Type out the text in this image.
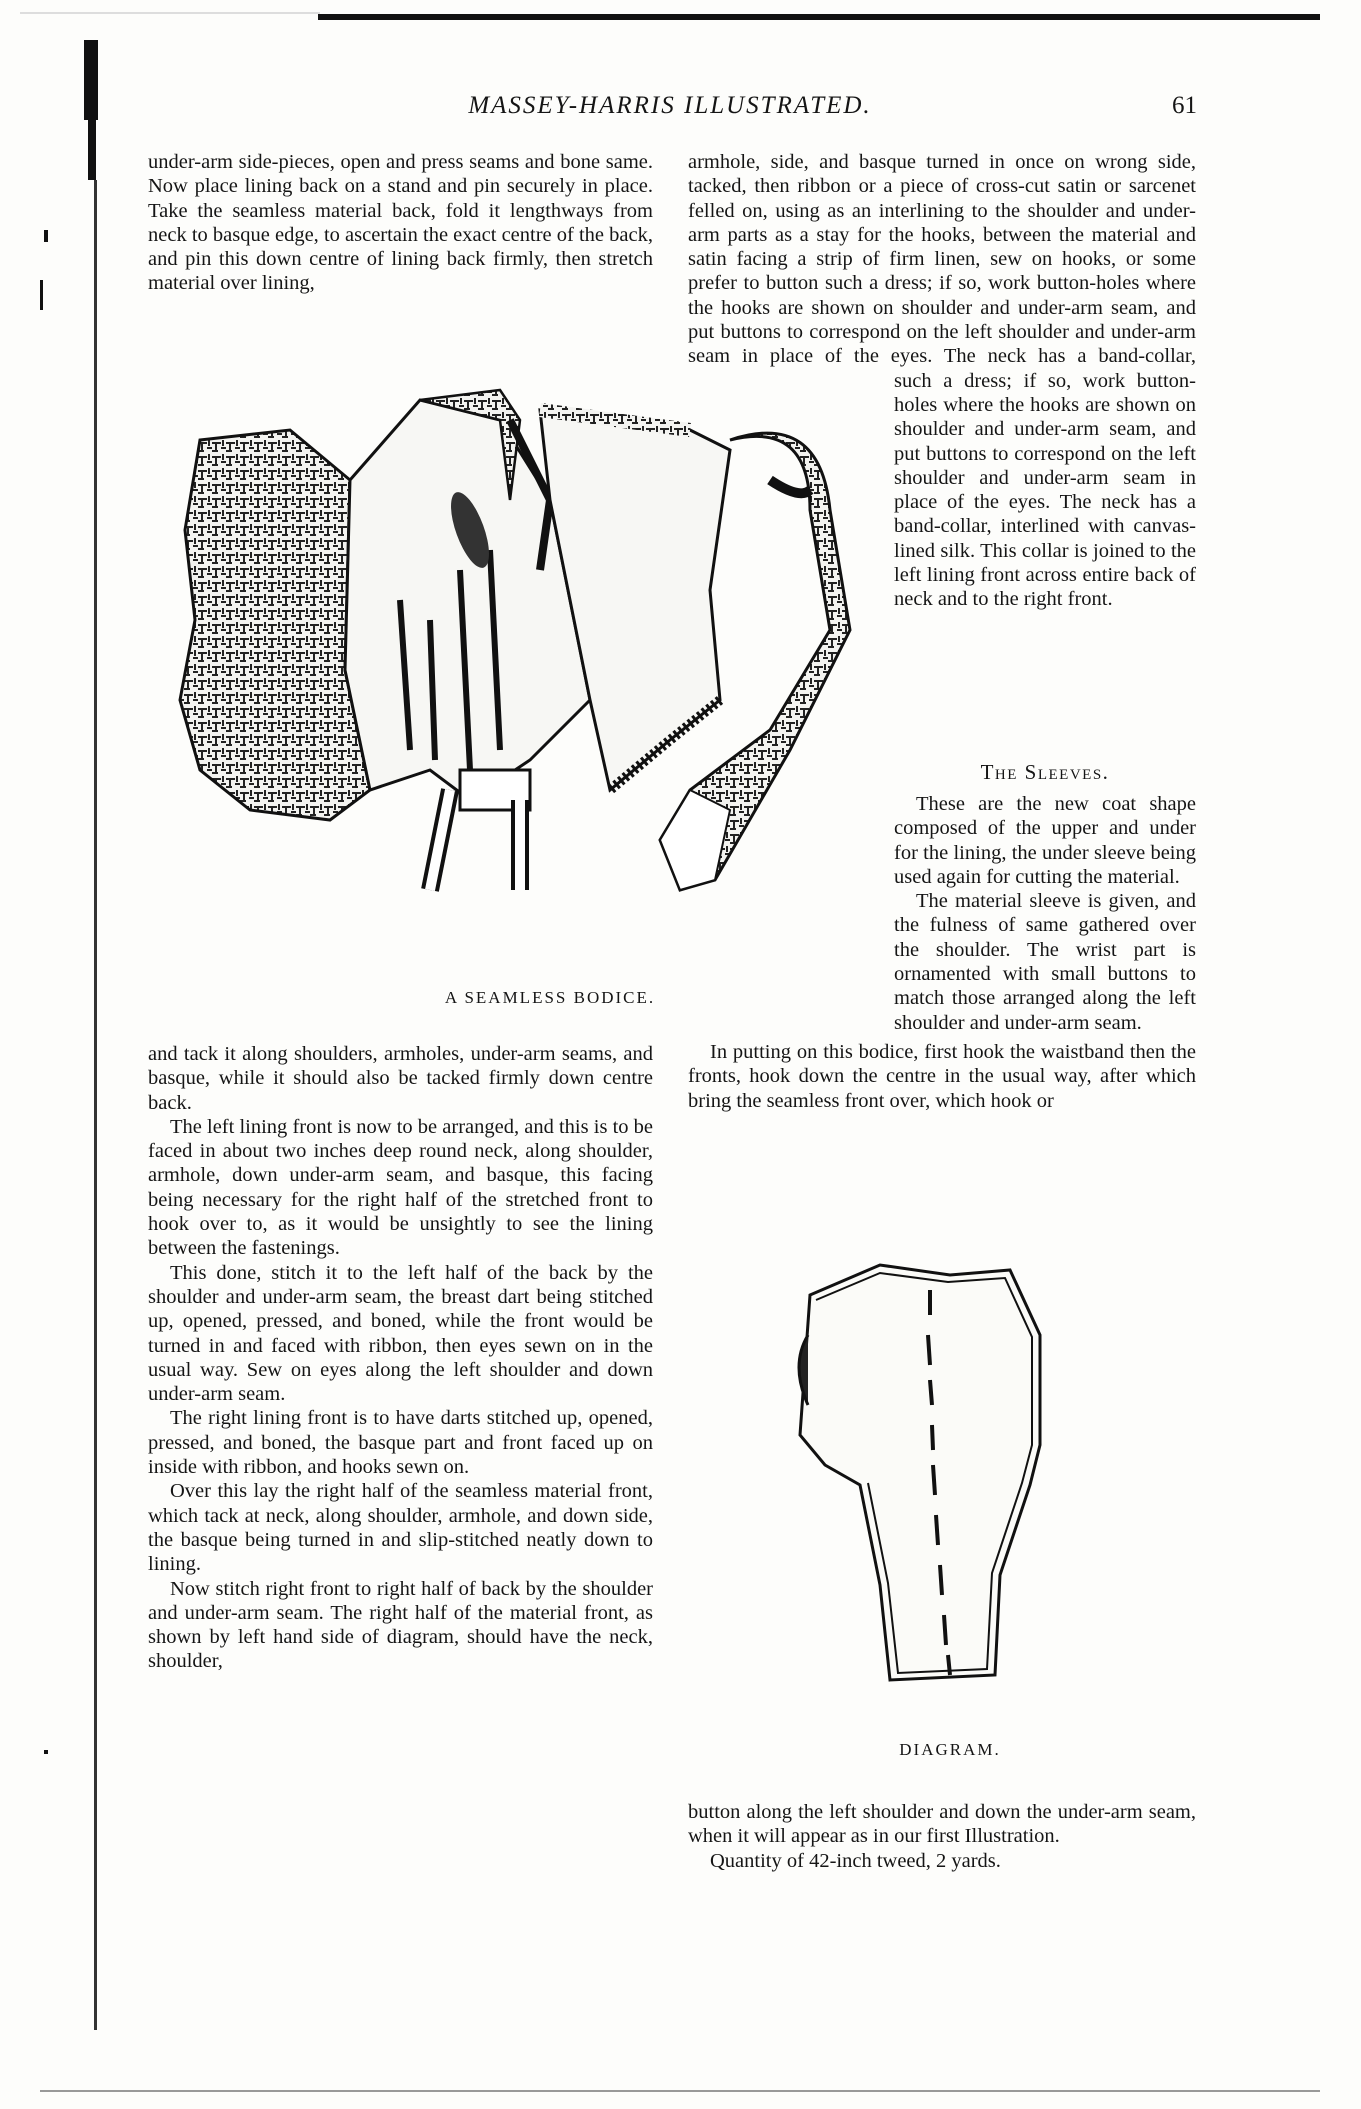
MASSEY-HARRIS ILLUSTRATED.	61

under-arm side-pieces, open and press seams and bone same. Now place lining back on a stand and pin securely in place. Take the seamless material back, fold it lengthways from neck to basque edge, to ascertain the exact centre of the back, and pin this down centre of lining back firmly, then stretch material over lining,

armhole, side, and basque turned in once on wrong side, tacked, then ribbon or a piece of cross-cut satin or sarcenet felled on, using as an interlining to the shoulder and under-arm parts as a stay for the hooks, between the material and satin facing a strip of firm linen, sew on hooks, or some prefer to button such a dress; if so, work button-holes where the hooks are shown on shoulder and under-arm seam, and put buttons to correspond on the left shoulder and under-arm seam in place of the eyes. The neck has a band-collar,

A SEAMLESS BODICE.

such a dress; if so, work button-holes where the hooks are shown on shoulder and under-arm seam, and put buttons to correspond on the left shoulder and under-arm seam in place of the eyes. The neck has a band-collar, interlined with canvas-lined silk. This collar is joined to the left lining front across entire back of neck and to the right front.

The Sleeves.

These are the new coat shape composed of the upper and under for the lining, the under sleeve being used again for cutting the material.

The material sleeve is given, and the fulness of same gathered over the shoulder. The wrist part is ornamented with small buttons to match those arranged along the left shoulder and under-arm seam.

In putting on this bodice, first hook the waistband then the fronts, hook down the centre in the usual way, after which bring the seamless front over, which hook or

and tack it along shoulders, armholes, under-arm seams, and basque, while it should also be tacked firmly down centre back.

The left lining front is now to be arranged, and this is to be faced in about two inches deep round neck, along shoulder, armhole, down under-arm seam, and basque, this facing being necessary for the right half of the stretched front to hook over to, as it would be unsightly to see the lining between the fastenings.

This done, stitch it to the left half of the back by the shoulder and under-arm seam, the breast dart being stitched up, opened, pressed, and boned, while the front would be turned in and faced with ribbon, then eyes sewn on in the usual way. Sew on eyes along the left shoulder and down under-arm seam.

The right lining front is to have darts stitched up, opened, pressed, and boned, the basque part and front faced up on inside with ribbon, and hooks sewn on.

Over this lay the right half of the seamless material front, which tack at neck, along shoulder, armhole, and down side, the basque being turned in and slip-stitched neatly down to lining.

Now stitch right front to right half of back by the shoulder and under-arm seam. The right half of the material front, as shown by left hand side of diagram, should have the neck, shoulder,

DIAGRAM.

button along the left shoulder and down the under-arm seam, when it will appear as in our first Illustration.

Quantity of 42-inch tweed, 2 yards.
